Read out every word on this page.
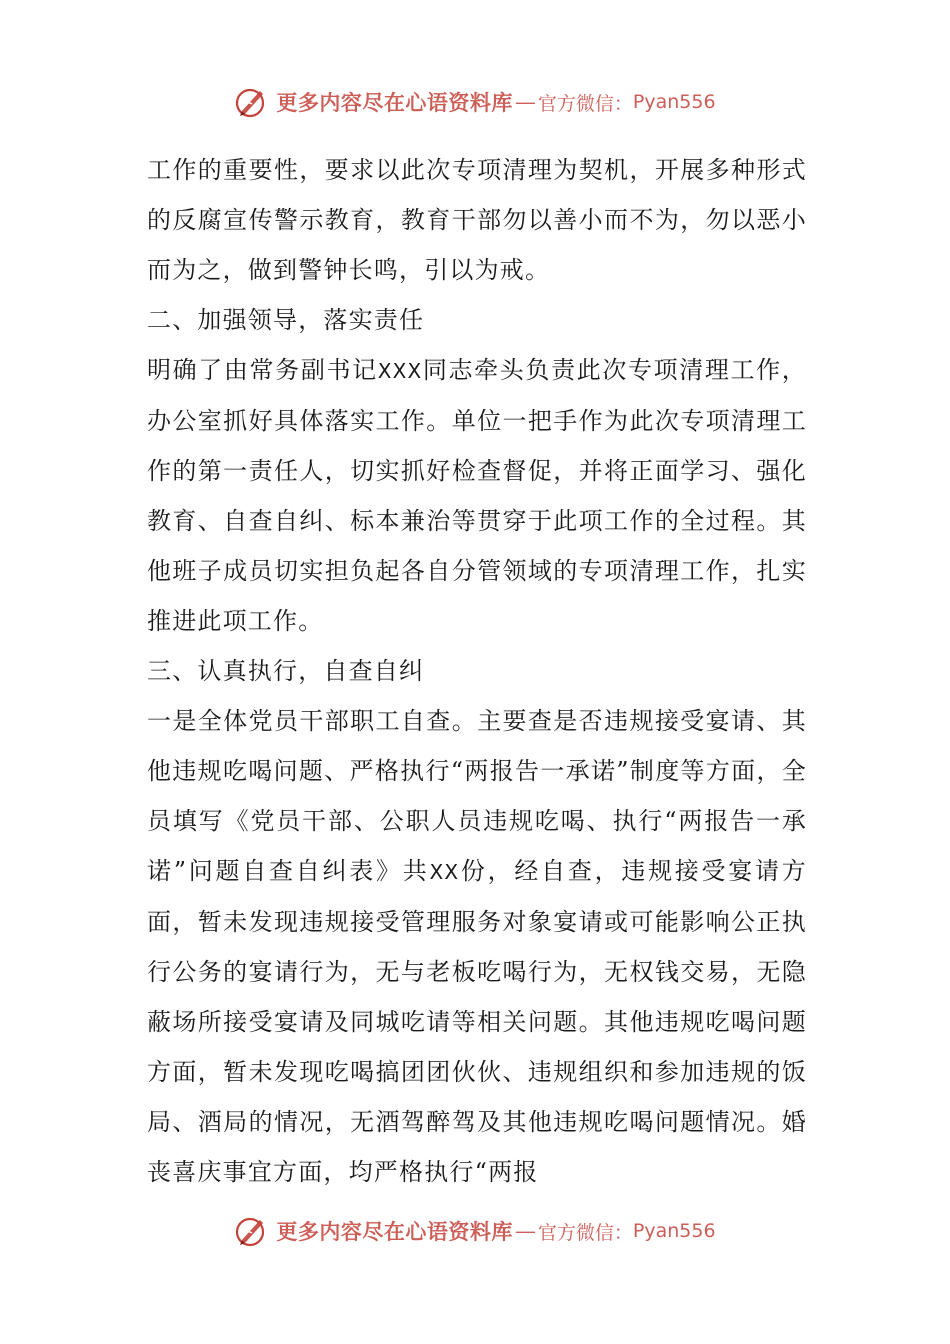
更多内容尽在心语资料库 — 官方微信： Pyan556

工作的重要性，要求以此次专项清理为契机，开展多种形式的反腐宣传警示教育，教育干部勿以善小而不为，勿以恶小而为之，做到警钟长鸣，引以为戒。

二、加强领导，落实责任

明确了由常务副书记XXX同志牵头负责此次专项清理工作，办公室抓好具体落实工作。单位一把手作为此次专项清理工作的第一责任人，切实抓好检查督促，并将正面学习、强化教育、自查自纠、标本兼治等贯穿于此项工作的全过程。其他班子成员切实担负起各自分管领域的专项清理工作，扎实推进此项工作。

三、认真执行，自查自纠

一是全体党员干部职工自查。主要查是否违规接受宴请、其他违规吃喝问题、严格执行“两报告一承诺”制度等方面，全员填写《党员干部、公职人员违规吃喝、执行“两报告一承诺”问题自查自纠表》共XX份，经自查，违规接受宴请方面，暂未发现违规接受管理服务对象宴请或可能影响公正执行公务的宴请行为，无与老板吃喝行为，无权钱交易，无隐蔽场所接受宴请及同城吃请等相关问题。其他违规吃喝问题方面，暂未发现吃喝搞团团伙伙、违规组织和参加违规的饭局、酒局的情况，无酒驾醉驾及其他违规吃喝问题情况。婚丧喜庆事宜方面，均严格执行“两报

更多内容尽在心语资料库 — 官方微信： Pyan556
